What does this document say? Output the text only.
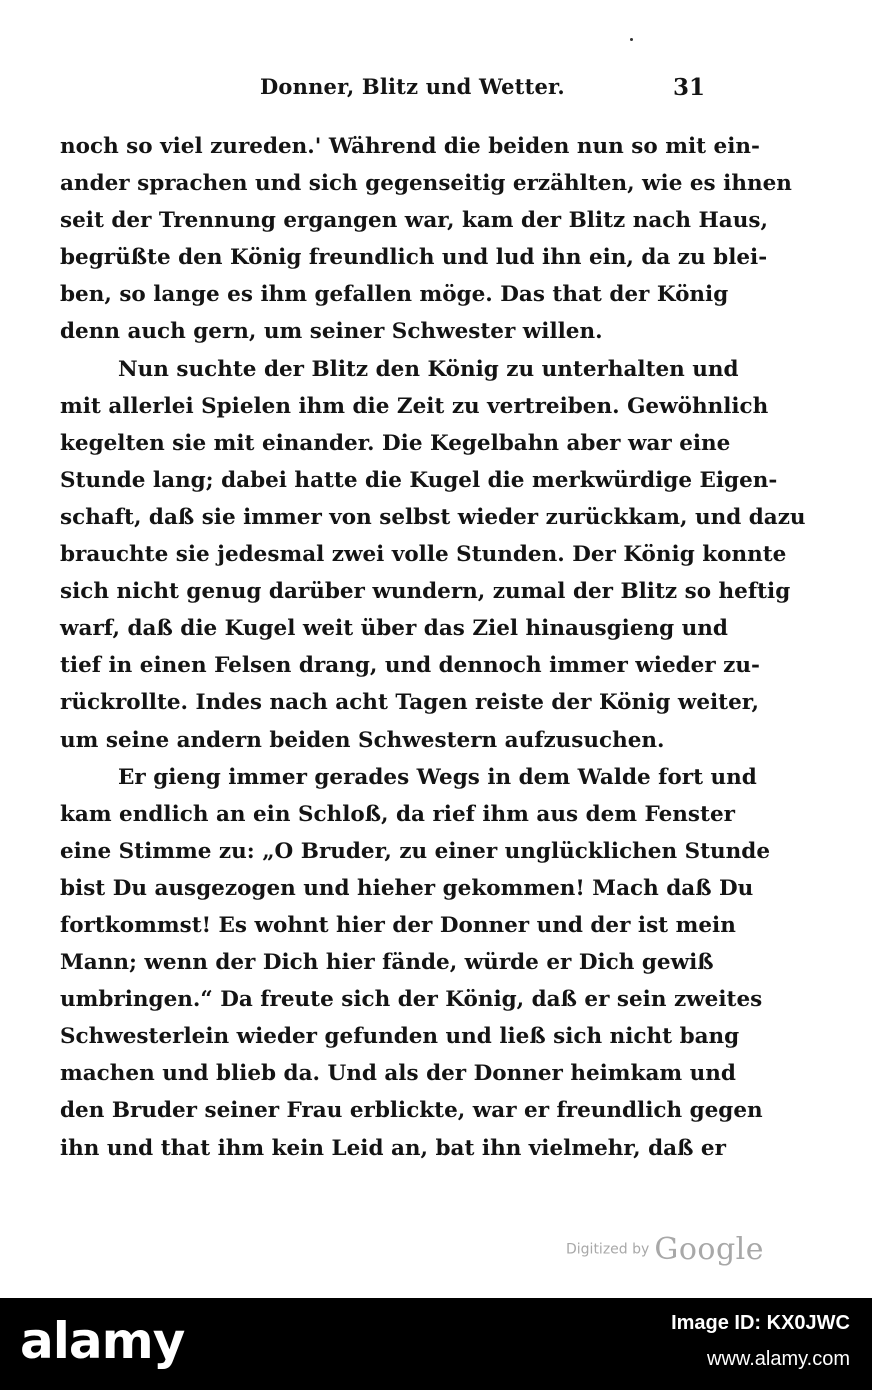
Donner, Blitz und Wetter.	31
noch so viel zureden.' Während die beiden nun so mit ein-
ander sprachen und sich gegenseitig erzählten, wie es ihnen
seit der Trennung ergangen war, kam der Blitz nach Haus,
begrüßte den König freundlich und lud ihn ein, da zu blei-
ben, so lange es ihm gefallen möge. Das that der König
denn auch gern, um seiner Schwester willen.
Nun suchte der Blitz den König zu unterhalten und
mit allerlei Spielen ihm die Zeit zu vertreiben. Gewöhnlich
kegelten sie mit einander. Die Kegelbahn aber war eine
Stunde lang; dabei hatte die Kugel die merkwürdige Eigen-
schaft, daß sie immer von selbst wieder zurückkam, und dazu
brauchte sie jedesmal zwei volle Stunden. Der König konnte
sich nicht genug darüber wundern, zumal der Blitz so heftig
warf, daß die Kugel weit über das Ziel hinausgieng und
tief in einen Felsen drang, und dennoch immer wieder zu-
rückrollte. Indes nach acht Tagen reiste der König weiter,
um seine andern beiden Schwestern aufzusuchen.
Er gieng immer gerades Wegs in dem Walde fort und
kam endlich an ein Schloß, da rief ihm aus dem Fenster
eine Stimme zu: „O Bruder, zu einer unglücklichen Stunde
bist Du ausgezogen und hieher gekommen! Mach daß Du
fortkommst! Es wohnt hier der Donner und der ist mein
Mann; wenn der Dich hier fände, würde er Dich gewiß
umbringen.“ Da freute sich der König, daß er sein zweites
Schwesterlein wieder gefunden und ließ sich nicht bang
machen und blieb da. Und als der Donner heimkam und
den Bruder seiner Frau erblickte, war er freundlich gegen
ihn und that ihm kein Leid an, bat ihn vielmehr, daß er
Digitized by Google
alamy	Image ID: KX0JWC
www.alamy.com
